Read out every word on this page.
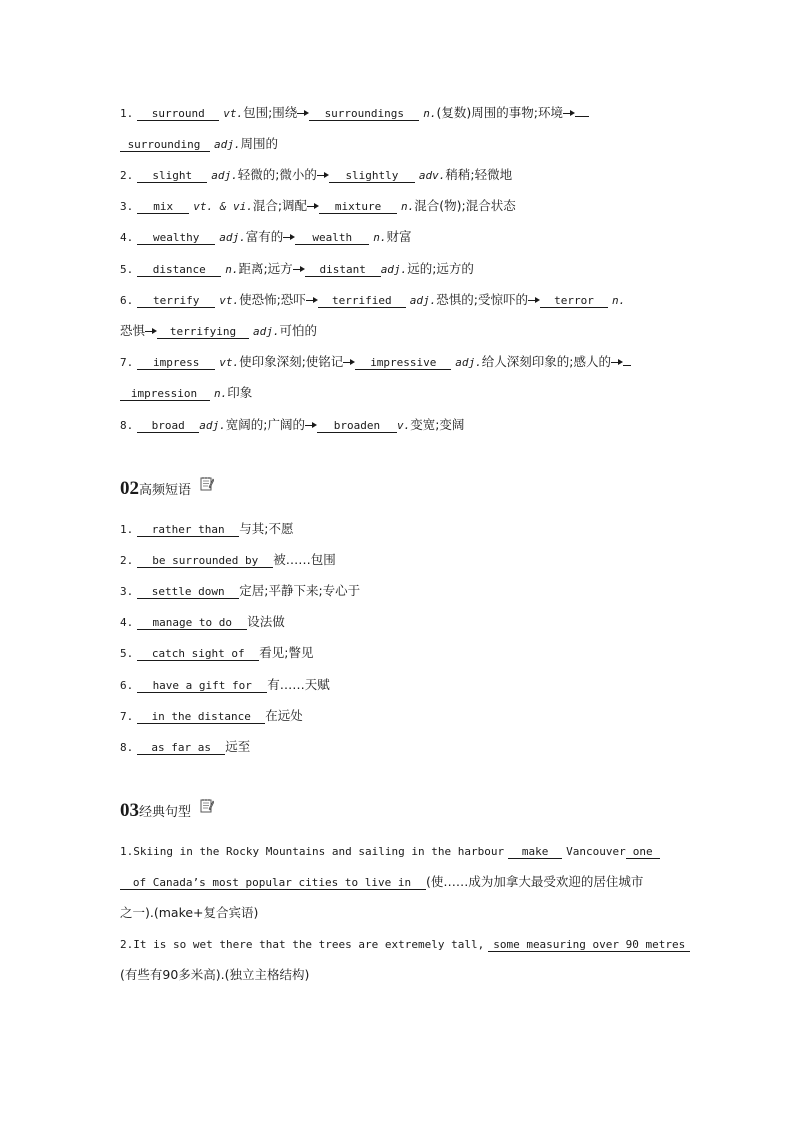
1. surround vt.包围;围绕 surroundings n.(复数)周围的事物;环境
surrounding adj.周围的
2. slight adj.轻微的;微小的	slightly adv.稍稍;轻微地
3. mix vt. & vi.混合;调配	mixture n.混合(物);混合状态
4. wealthy adj.富有的	wealth n.财富
5. distance n.距离;远方 distant adj.远的;远方的
6. terrify vt.使恐怖;恐吓 terrified adj.恐惧的;受惊吓的 terror n.
恐惧 terrifying adj.可怕的
7. impress vt.使印象深刻;使铭记 impressive adj.给人深刻印象的;感人的
impression n.印象
8. broad adj.宽阔的;广阔的	broaden v.变宽;变阔
02高频短语
1. rather than 与其;不愿
2. be surrounded by 被……包围
3. settle down 定居;平静下来;专心于
4. manage to do 设法做
5. catch sight of 看见;瞥见
6. have a gift for 有……天赋
7. in the distance 在远处
8. as far as 远至
03经典句型
1.Skiing in the Rocky Mountains and sailing in the harbour make Vancouver one
of Canada’s most popular cities to live in (使……成为加拿大最受欢迎的居住城市
之一).(make+复合宾语)
2.It is so wet there that the trees are extremely tall, some measuring over 90 metres
(有些有90多米高).(独立主格结构)
